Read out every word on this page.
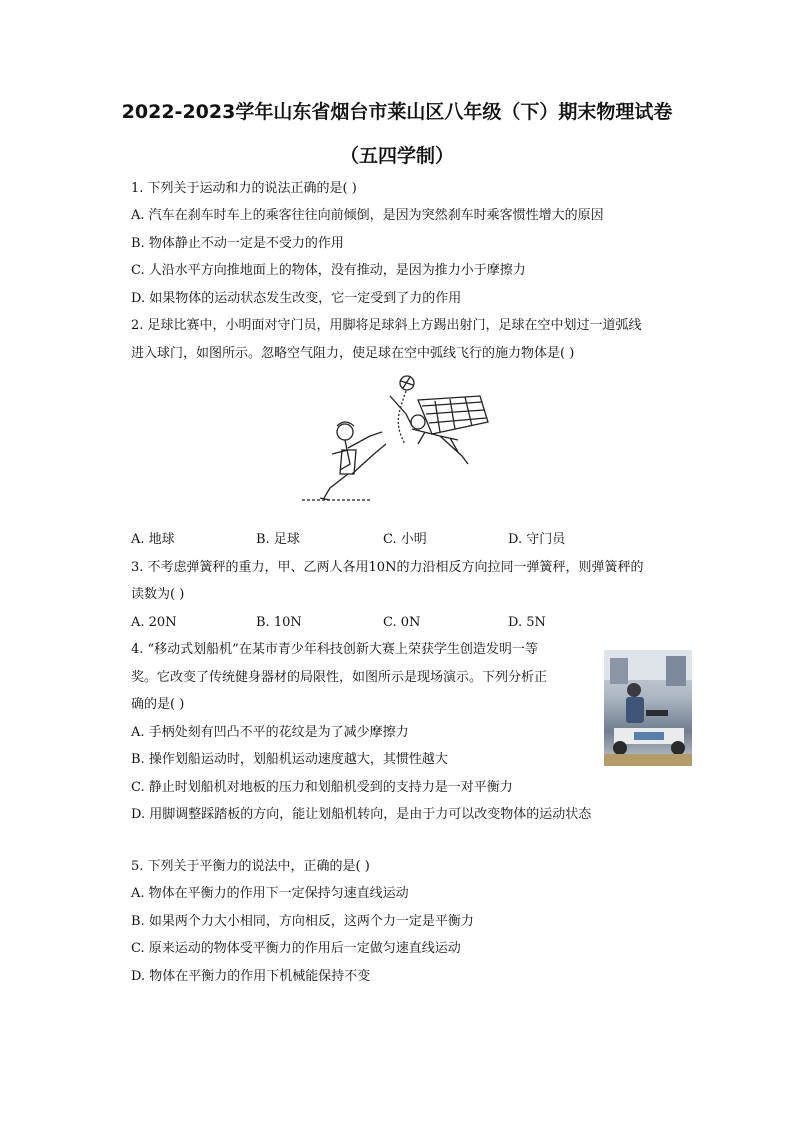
2022-2023学年山东省烟台市莱山区八年级（下）期末物理试卷
（五四学制）
1. 下列关于运动和力的说法正确的是( )
A. 汽车在刹车时车上的乘客往往向前倾倒，是因为突然刹车时乘客惯性增大的原因
B. 物体静止不动一定是不受力的作用
C. 人沿水平方向推地面上的物体，没有推动，是因为推力小于摩擦力
D. 如果物体的运动状态发生改变，它一定受到了力的作用
2. 足球比赛中，小明面对守门员，用脚将足球斜上方踢出射门，足球在空中划过一道弧线
进入球门，如图所示。忽略空气阻力，使足球在空中弧线飞行的施力物体是( )
A. 地球	B. 足球	C. 小明	D. 守门员
3. 不考虑弹簧秤的重力，甲、乙两人各用10N的力沿相反方向拉同一弹簧秤，则弹簧秤的
读数为( )
A. 20N	B. 10N	C. 0N	D. 5N
4. “移动式划船机”在某市青少年科技创新大赛上荣获学生创造发明一等
奖。它改变了传统健身器材的局限性，如图所示是现场演示。下列分析正
确的是( )
A. 手柄处刻有凹凸不平的花纹是为了减少摩擦力
B. 操作划船运动时，划船机运动速度越大，其惯性越大
C. 静止时划船机对地板的压力和划船机受到的支持力是一对平衡力
D. 用脚调整踩踏板的方向，能让划船机转向，是由于力可以改变物体的运动状态
5. 下列关于平衡力的说法中，正确的是( )
A. 物体在平衡力的作用下一定保持匀速直线运动
B. 如果两个力大小相同，方向相反，这两个力一定是平衡力
C. 原来运动的物体受平衡力的作用后一定做匀速直线运动
D. 物体在平衡力的作用下机械能保持不变
